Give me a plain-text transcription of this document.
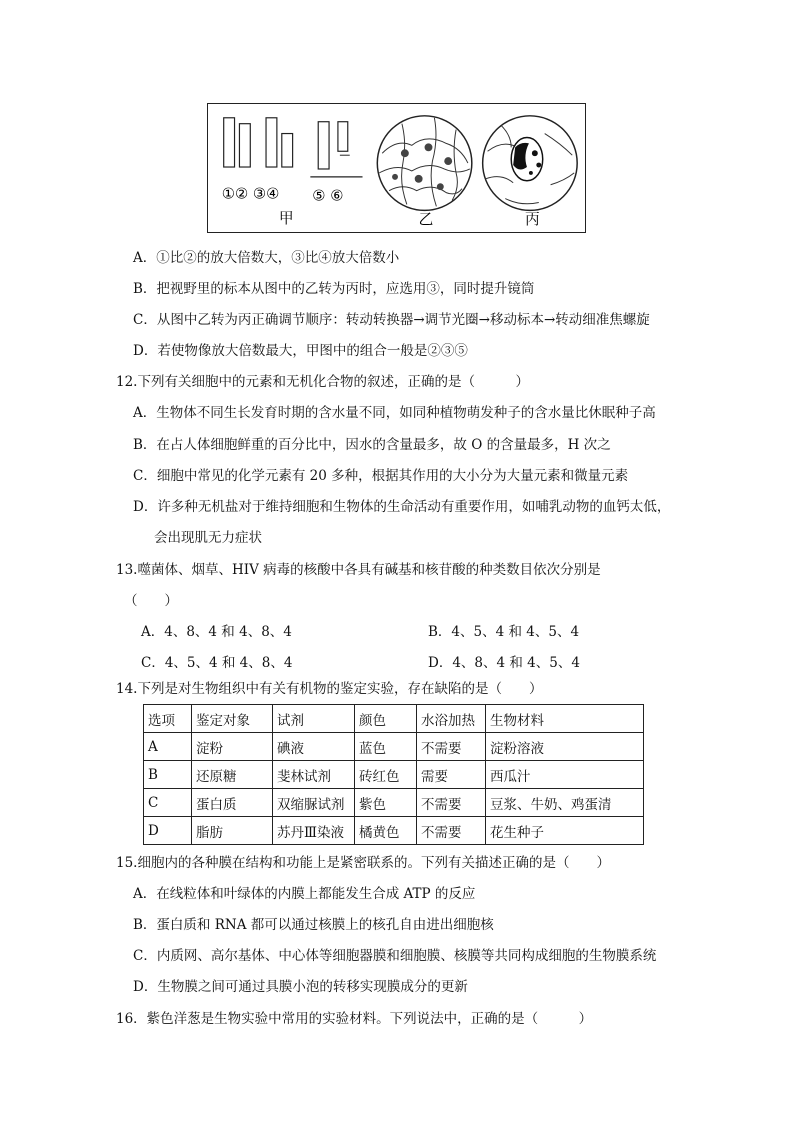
①② ③④ ⑤ ⑥
甲	乙	丙
A．①比②的放大倍数大，③比④放大倍数小
B．把视野里的标本从图中的乙转为丙时，应选用③，同时提升镜筒
C．从图中乙转为丙正确调节顺序：转动转换器→调节光圈→移动标本→转动细准焦螺旋
D．若使物像放大倍数最大，甲图中的组合一般是②③⑤
12.下列有关细胞中的元素和无机化合物的叙述，正确的是（　　　）
A．生物体不同生长发育时期的含水量不同，如同种植物萌发种子的含水量比休眠种子高
B．在占人体细胞鲜重的百分比中，因水的含量最多，故 O 的含量最多，H 次之
C．细胞中常见的化学元素有 20 多种，根据其作用的大小分为大量元素和微量元素
D．许多种无机盐对于维持细胞和生物体的生命活动有重要作用，如哺乳动物的血钙太低，
会出现肌无力症状
13.噬菌体、烟草、HIV 病毒的核酸中各具有碱基和核苷酸的种类数目依次分别是
（　　）
A．4、8、4 和 4、8、4	B．4、5、4 和 4、5、4
C．4、5、4 和 4、8、4	D．4、8、4 和 4、5、4
14.下列是对生物组织中有关有机物的鉴定实验，存在缺陷的是（　　）
选项	鉴定对象	试剂	颜色	水浴加热	生物材料
A	淀粉	碘液	蓝色	不需要	淀粉溶液
B	还原糖	斐林试剂	砖红色	需要	西瓜汁
C	蛋白质	双缩脲试剂	紫色	不需要	豆浆、牛奶、鸡蛋清
D	脂肪	苏丹Ⅲ染液	橘黄色	不需要	花生种子
15.细胞内的各种膜在结构和功能上是紧密联系的。下列有关描述正确的是（　　）
A．在线粒体和叶绿体的内膜上都能发生合成 ATP 的反应
B．蛋白质和 RNA 都可以通过核膜上的核孔自由进出细胞核
C．内质网、高尔基体、中心体等细胞器膜和细胞膜、核膜等共同构成细胞的生物膜系统
D．生物膜之间可通过具膜小泡的转移实现膜成分的更新
16．紫色洋葱是生物实验中常用的实验材料。下列说法中，正确的是（　　　）
